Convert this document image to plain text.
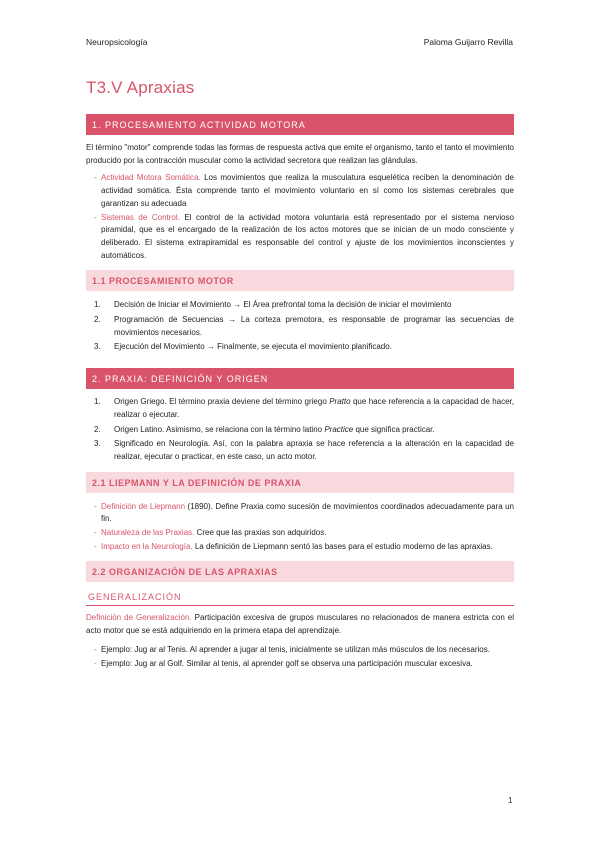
Neuropsicología	Paloma Guijarro Revilla
T3.V Apraxias
1. PROCESAMIENTO ACTIVIDAD MOTORA

El término "motor" comprende todas las formas de respuesta activa que emite el organismo, tanto el tanto el movimiento producido por la contracción muscular como la actividad secretora que realizan las glándulas.

- Actividad Motora Somática. Los movimientos que realiza la musculatura esquelética reciben la denominación de actividad somática. Ésta comprende tanto el movimiento voluntario en sí como los sistemas cerebrales que garantizan su adecuada
- Sistemas de Control. El control de la actividad motora voluntaria está representado por el sistema nervioso piramidal, que es el encargado de la realización de los actos motores que se inician de un modo consciente y deliberado. El sistema extrapiramidal es responsable del control y ajuste de los movimientos inconscientes y automáticos.
1.1 PROCESAMIENTO MOTOR
1. Decisión de Iniciar el Movimiento → El Área prefrontal toma la decisión de iniciar el movimiento
2. Programación de Secuencias → La corteza premotora, es responsable de programar las secuencias de movimientos necesarios.
3. Ejecución del Movimiento → Finalmente, se ejecuta el movimiento planificado.
2. PRAXIA: DEFINICIÓN Y ORIGEN
1. Origen Griego. El término praxia deviene del término griego Pratto que hace referencia a la capacidad de hacer, realizar o ejecutar.
2. Origen Latino. Asimismo, se relaciona con la término latino Practice que significa practicar.
3. Significado en Neurología. Así, con la palabra apraxia se hace referencia a la alteración en la capacidad de realizar, ejecutar o practicar, en este caso, un acto motor.
2.1 LIEPMANN Y LA DEFINICIÓN DE PRAXIA
- Definición de Liepmann (1890). Define Praxia como sucesión de movimientos coordinados adecuadamente para un fin.
- Naturaleza de las Praxias. Cree que las praxias son adquiridos.
- Impacto en la Neurología. La definición de Liepmann sentó las bases para el estudio moderno de las apraxias.
2.2 ORGANIZACIÓN DE LAS APRAXIAS
GENERALIZACIÓN

Definición de Generalización. Participación excesiva de grupos musculares no relacionados de manera estricta con el acto motor que se está adquiriendo en la primera etapa del aprendizaje.

- Ejemplo: Jug ar al Tenis. Al aprender a jugar al tenis, inicialmente se utilizan más músculos de los necesarios.
- Ejemplo: Jug ar al Golf. Similar al tenis, al aprender golf se observa una participación muscular excesiva.
1
